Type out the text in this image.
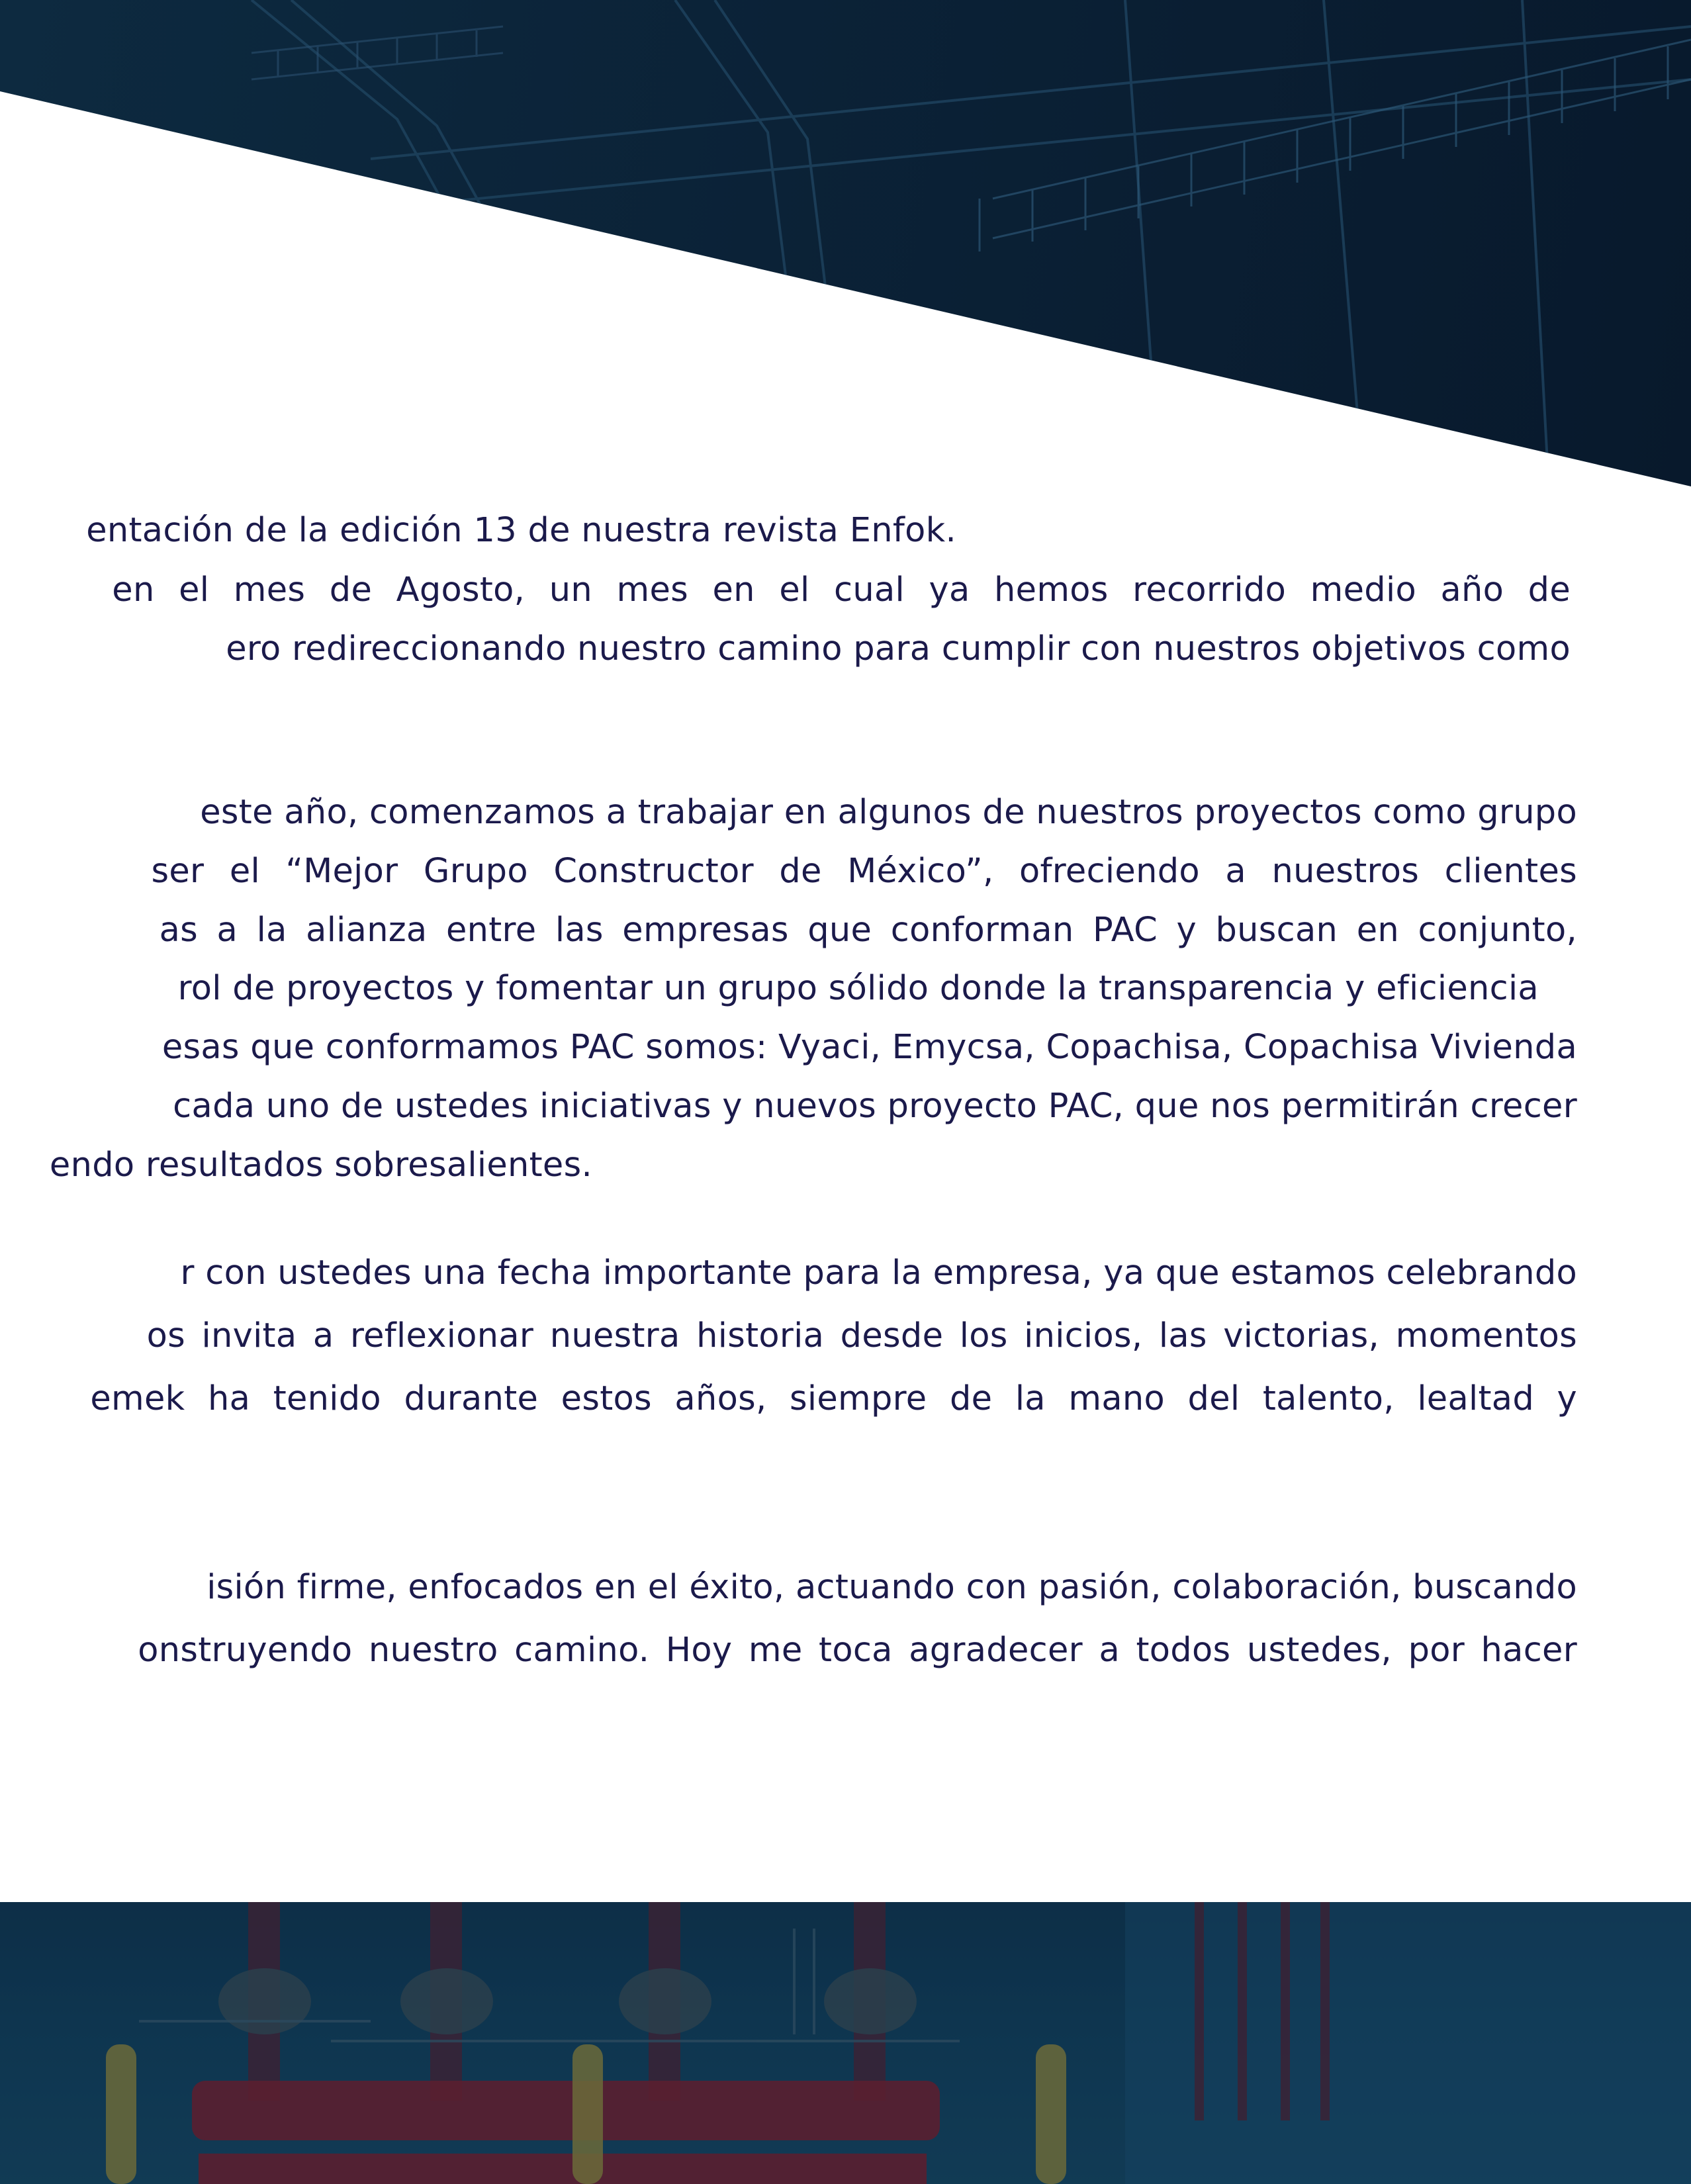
entación de la edición 13 de nuestra revista Enfok.
en el mes de Agosto, un mes en el cual ya hemos recorrido medio año de
ero redireccionando nuestro camino para cumplir con nuestros objetivos como
este año, comenzamos a trabajar en algunos de nuestros proyectos como grupo
ser el “Mejor Grupo Constructor de México”, ofreciendo a nuestros clientes
as a la alianza entre las empresas que conforman PAC y buscan en conjunto,
rol de proyectos y fomentar un grupo sólido donde la transparencia y eficiencia
esas que conformamos PAC somos: Vyaci, Emycsa, Copachisa, Copachisa Vivienda
cada uno de ustedes iniciativas y nuevos proyecto PAC, que nos permitirán crecer
endo resultados sobresalientes.
r con ustedes una fecha importante para la empresa, ya que estamos celebrando
os invita a reflexionar nuestra historia desde los inicios, las victorias, momentos
emek ha tenido durante estos años, siempre de la mano del talento, lealtad y
isión firme, enfocados en el éxito, actuando con pasión, colaboración, buscando
onstruyendo nuestro camino. Hoy me toca agradecer a todos ustedes, por hacer
